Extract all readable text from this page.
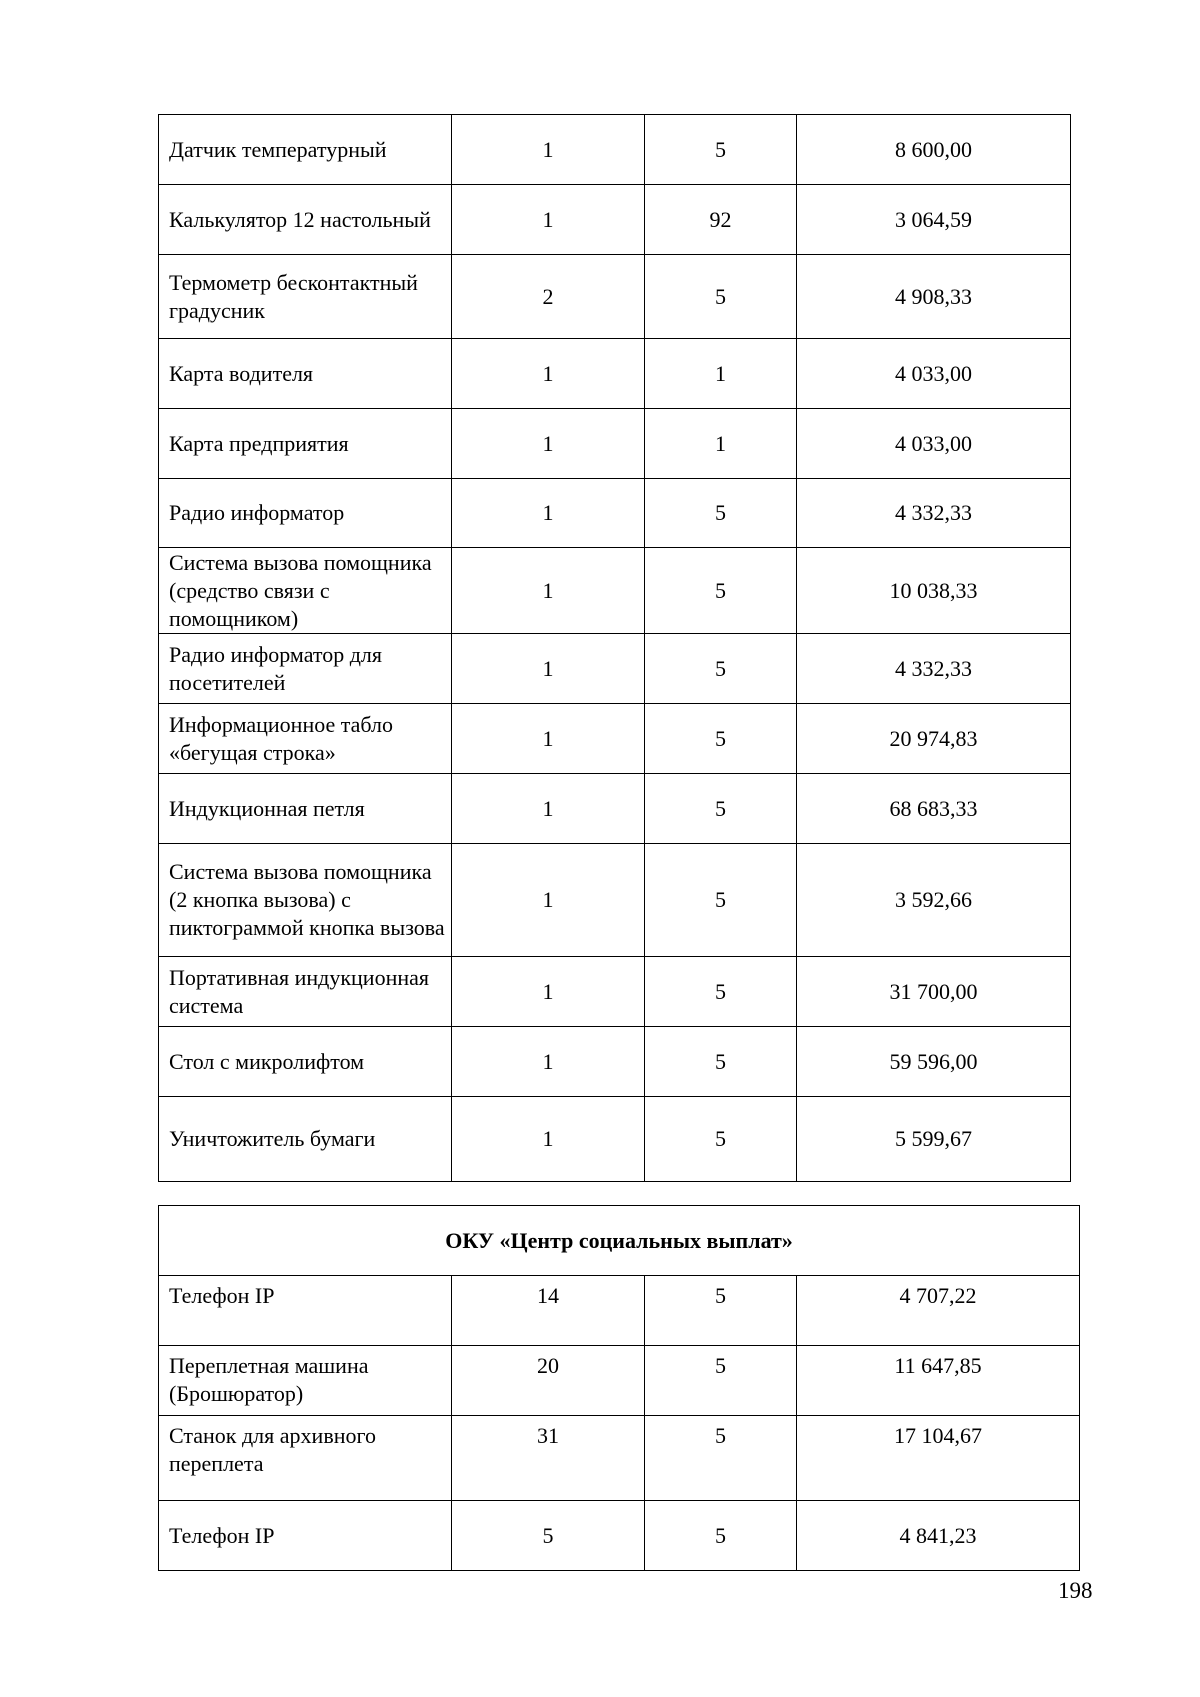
Датчик температурный	1	5	8 600,00
Калькулятор 12 настольный	1	92	3 064,59
Термометр бесконтактный градусник	2	5	4 908,33
Карта водителя	1	1	4 033,00
Карта предприятия	1	1	4 033,00
Радио информатор	1	5	4 332,33
Система вызова помощника (средство связи с помощником)	1	5	10 038,33
Радио информатор для посетителей	1	5	4 332,33
Информационное табло «бегущая строка»	1	5	20 974,83
Индукционная петля	1	5	68 683,33
Система вызова помощника (2 кнопка вызова) с пиктограммой кнопка вызова	1	5	3 592,66
Портативная индукционная система	1	5	31 700,00
Стол с микролифтом	1	5	59 596,00
Уничтожитель бумаги	1	5	5 599,67
ОКУ «Центр социальных выплат»			
Телефон IP	14	5	4 707,22
Переплетная машина (Брошюратор)	20	5	11 647,85
Станок для архивного переплета	31	5	17 104,67
Телефон IP	5	5	4 841,23
198
